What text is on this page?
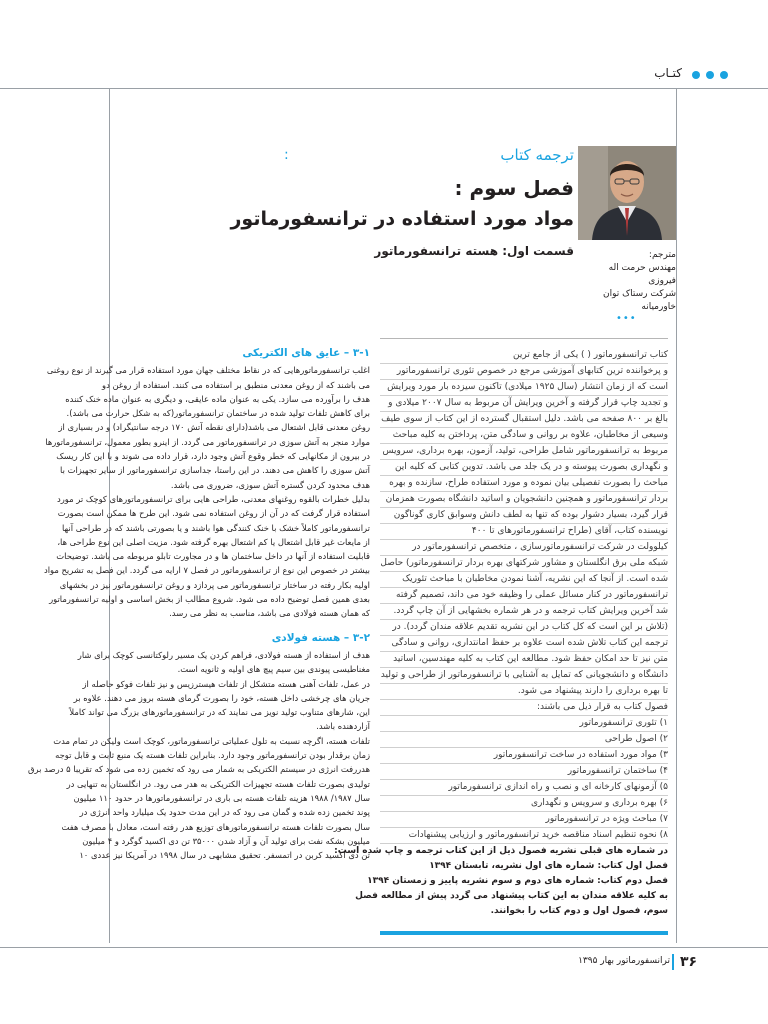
کتـاب
:	ترجمه کتاب
فصل سوم :
مواد مورد استفاده در ترانسفورماتور
قسمت اول: هسته ترانسفورماتور	مترجم:
مهندس حرمت اله
فیروزی
شرکت رستاک توان
خاورمیانه
•••
کتاب ترانسفورماتور ( ) یکی از جامع ترین
و پرخواننده ترین کتابهای آموزشی مرجع در خصوص تئوری ترانسفورماتور
است که از زمان انتشار (سال ۱۹۲۵ میلادی) تاکنون سیزده بار مورد ویرایش
و تجدید چاپ قرار گرفته و آخرین ویرایش آن مربوط به سال ۲۰۰۷ میلادی و
بالغ بر ۸۰۰ صفحه می باشد. دلیل استقبال گسترده از این کتاب از سوی طیف
وسیعی از مخاطبان، علاوه بر روانی و سادگی متن، پرداختن به کلیه مباحث
مربوط به ترانسفورماتور شامل طراحی، تولید، آزمون، بهره برداری، سرویس
و نگهداری بصورت پیوسته و در یک جلد می باشد. تدوین کتابی که کلیه این
مباحث را بصورت تفصیلی بیان نموده و مورد استفاده طراح، سازنده و بهره
بردار ترانسفورماتور و همچنین دانشجویان و اساتید دانشگاه بصورت همزمان
قرار گیرد، بسیار دشوار بوده که تنها به لطف دانش وسوابق کاری گوناگون
نویسنده کتاب، آقای (طراح ترانسفورماتورهای تا ۴۰۰
کیلوولت در شرکت ترانسفورماتورسازی ، متخصص ترانسفورماتور در
شبکه ملی برق انگلستان و مشاور شرکتهای بهره بردار ترانسفورماتور) حاصل
شده است. از آنجا که این نشریه، آشنا نمودن مخاطبان با مباحث تئوریک
ترانسفورماتور در کنار مسائل عملی را وظیفه خود می داند، تصمیم گرفته
شد آخرین ویرایش کتاب ترجمه و در هر شماره بخشهایی از آن چاپ گردد.
(تلاش بر این است که کل کتاب در این نشریه تقدیم علاقه مندان گردد). در
ترجمه این کتاب تلاش شده است علاوه بر حفظ امانتداری، روانی و سادگی
متن نیز تا حد امکان حفظ شود. مطالعه این کتاب به کلیه مهندسین، اساتید
دانشگاه و دانشجویانی که تمایل به آشنایی با ترانسفورماتور از طراحی و تولید
تا بهره برداری را دارند پیشنهاد می شود.
فصول کتاب به قرار ذیل می باشند:
۱) تئوری ترانسفورماتور
۲) اصول طراحی
۳) مواد مورد استفاده در ساخت ترانسفورماتور
۴) ساختمان ترانسفورماتور
۵) آزمونهای کارخانه ای و نصب و راه اندازی ترانسفورماتور
۶) بهره برداری و سرویس و نگهداری
۷) مباحث ویژه در ترانسفورماتور
۸) نحوه تنظیم اسناد مناقصه خرید ترانسفورماتور و ارزیابی پیشنهادات
در شماره های قبلی نشریه فصول ذیل از این کتاب ترجمه و چاپ شده است:
فصل اول کتاب: شماره های اول نشریه، تابستان ۱۳۹۴
فصل دوم کتاب: شماره های دوم و سوم نشریه پاییز و زمستان ۱۳۹۴
به کلیه علاقه مندان به این کتاب پیشنهاد می گردد پیش از مطالعه فصل
سوم، فصول اول و دوم کتاب را بخوانند.
۳-۱ – عایق های الکتریکی
اغلب ترانسفورماتورهایی که در نقاط مختلف جهان مورد استفاده قرار می گیرند از نوع روغنی
می باشند که از روغن معدنی منطبق بر استفاده می کنند. استفاده از روغن دو
هدف را برآورده می سازد. یکی به عنوان ماده عایقی، و دیگری به عنوان ماده خنک کننده
برای کاهش تلفات تولید شده در ساختمان ترانسفورماتور(که به شکل حرارت می باشد).
روغن معدنی قابل اشتعال می باشد(دارای نقطه آتش ۱۷۰ درجه سانتیگراد) و در بسیاری از
موارد منجر به آتش سوزی در ترانسفورماتور می گردد. از اینرو بطور معمول، ترانسفورماتورها
در بیرون از مکانهایی که خطر وقوع آتش وجود دارد، قرار داده می شوند و با این کار ریسک
آتش سوزی را کاهش می دهند. در این راستا، جداسازی ترانسفورماتور از سایر تجهیزات با
هدف محدود کردن گستره آتش سوزی، ضروری می باشد.
بدلیل خطرات بالقوه روغنهای معدنی، طراحی هایی برای ترانسفورماتورهای کوچک تر مورد
استفاده قرار گرفت که در آن از روغن استفاده نمی شود. این طرح ها ممکن است بصورت
ترانسفورماتور کاملاً خشک با خنک کنندگی هوا باشند و یا بصورتی باشند که در طراحی آنها
از مایعات غیر قابل اشتعال یا کم اشتعال بهره گرفته شود. مزیت اصلی این نوع طراحی ها،
قابلیت استفاده از آنها در داخل ساختمان ها و در مجاورت تابلو مربوطه می باشد. توضیحات
بیشتر در خصوص این نوع از ترانسفورماتور در فصل ۷ ارایه می گردد. این فصل به تشریح مواد
اولیه بکار رفته در ساختار ترانسفورماتور می پردازد و روغن ترانسفورماتور نیز در بخشهای
بعدی همین فصل توضیح داده می شود. شروع مطالب از بخش اساسی و اولیه ترانسفورماتور
که همان هسته فولادی می باشد، مناسب به نظر می رسد.
۳-۲ – هسته فولادی
هدف از استفاده از هسته فولادی، فراهم کردن یک مسیر رلوکتانسی کوچک برای شار
مغناطیسی پیوندی بین سیم پیچ های اولیه و ثانویه است.
در عمل، تلفات آهنی هسته متشکل از تلفات هیسترزیس و نیز تلفات فوکو حاصله از
جریان های چرخشی داخل هسته، خود را بصورت گرمای هسته بروز می دهند. علاوه بر
این، شارهای متناوب تولید نویز می نمایند که در ترانسفورماتورهای بزرگ می تواند کاملاً
آزاردهنده باشد.
تلفات هسته، اگرچه نسبت به تلول عملیاتی ترانسفورماتور، کوچک است ولیکن در تمام مدت
زمان برقدار بودن ترانسفورماتور وجود دارد. بنابراین تلفات هسته یک منبع ثابت و قابل توجه
هدررفت انرژی در سیستم الکتریکی به شمار می رود که تخمین زده می شود که تقریبا ۵ درصد برق
تولیدی بصورت تلفات هسته تجهیزات الکتریکی به هدر می رود. در انگلستان به تنهایی در
سال ۱۹۸۷/ ۱۹۸۸ هزینه تلفات هسته بی باری در ترانسفورماتورها در حدود ۱۱۰ میلیون
پوند تخمین زده شده و گمان می رود که در این مدت حدود یک میلیارد واحد انرژی در
سال بصورت تلفات هسته ترانسفورماتورهای توزیع هدر رفته است، معادل با مصرف هفت
میلیون بشکه نفت برای تولید آن و آزاد شدن ۳۵۰۰۰ تن دی اکسید گوگرد و ۴ میلیون
تن دی اکسید کربن در اتمسفر. تحقیق مشابهی در سال ۱۹۹۸ در آمریکا نیز عددی ۱۰
۳۶
ترانسفورماتور بهار ۱۳۹۵
